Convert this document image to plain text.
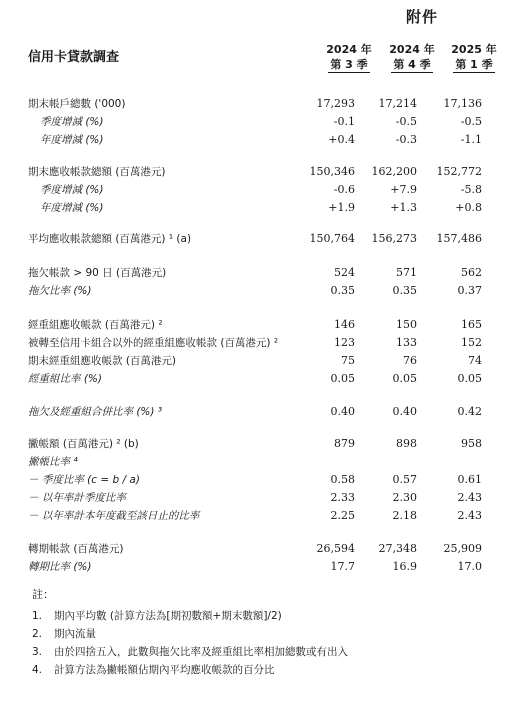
附件
信用卡貸款調查
2024 年
第 3 季
2024 年
第 4 季
2025 年
第 1 季
期末帳戶總數 ('000)	17,293	17,214	17,136
季度增減 (%)	-0.1	-0.5	-0.5
年度增減 (%)	+0.4	-0.3	-1.1
期末應收帳款總額 (百萬港元)	150,346	162,200	152,772
季度增減 (%)	-0.6	+7.9	-5.8
年度增減 (%)	+1.9	+1.3	+0.8
平均應收帳款總額 (百萬港元) ¹ (a)	150,764	156,273	157,486
拖欠帳款 > 90 日 (百萬港元)	524	571	562
拖欠比率 (%)	0.35	0.35	0.37
經重組應收帳款 (百萬港元) ²	146	150	165
被轉至信用卡組合以外的經重組應收帳款 (百萬港元) ²	123	133	152
期末經重組應收帳款 (百萬港元)	75	76	74
經重組比率 (%)	0.05	0.05	0.05
拖欠及經重組合併比率 (%) ³	0.40	0.40	0.42
撇帳額 (百萬港元) ² (b)	879	898	958
撇帳比率 ⁴
－ 季度比率 (c = b / a)	0.58	0.57	0.61
－ 以年率計季度比率	2.33	2.30	2.43
－ 以年率計本年度截至該日止的比率	2.25	2.18	2.43
轉期帳款 (百萬港元)	26,594	27,348	25,909
轉期比率 (%)	17.7	16.9	17.0
註：
1. 期內平均數 (計算方法為[期初數額+期末數額]/2)
2. 期內流量
3. 由於四捨五入，此數與拖欠比率及經重組比率相加總數或有出入
4. 計算方法為撇帳額佔期內平均應收帳款的百分比
